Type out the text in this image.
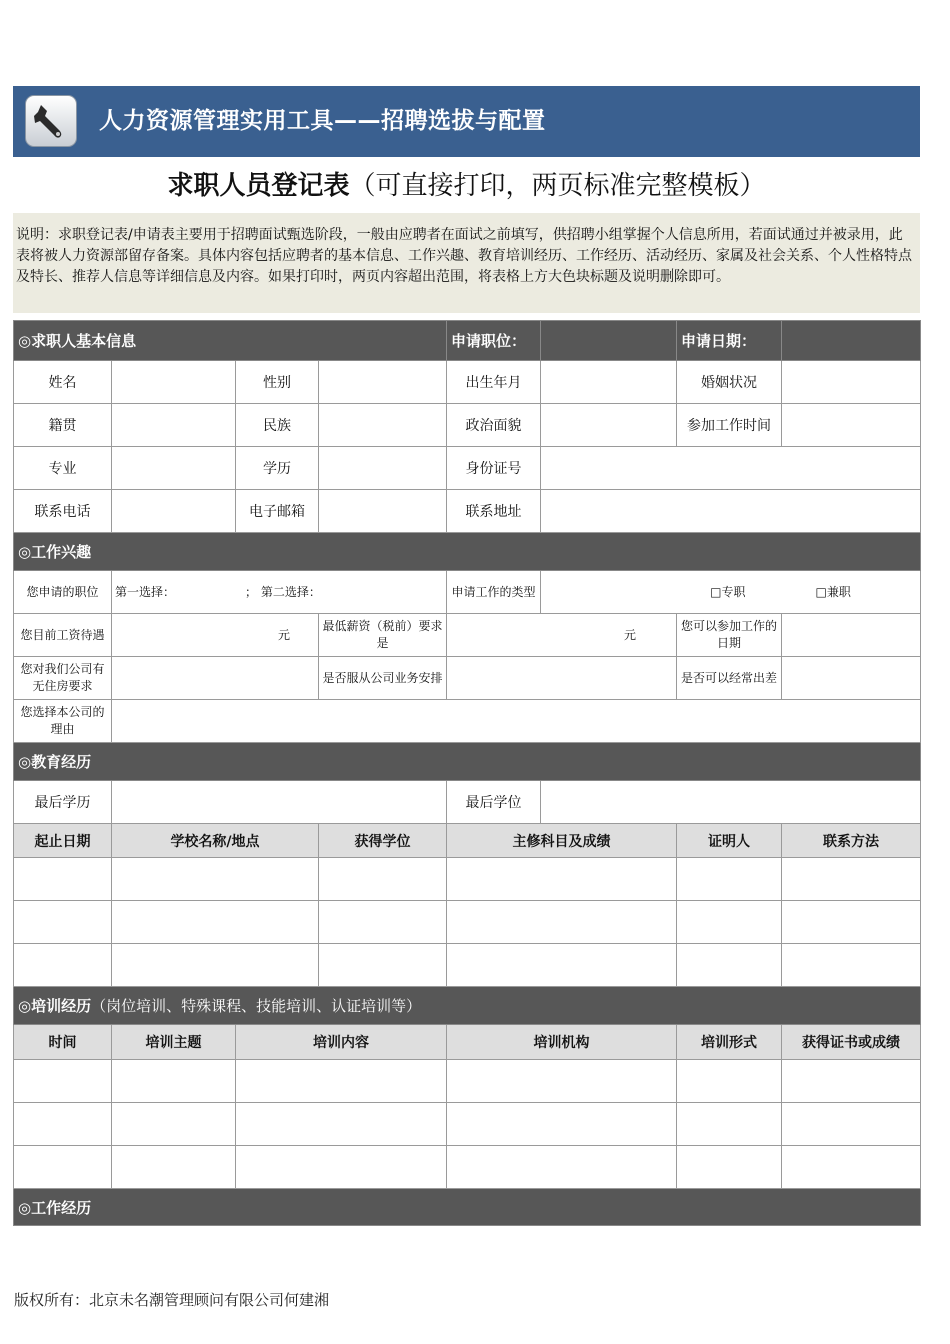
人力资源管理实用工具——招聘选拔与配置
求职人员登记表（可直接打印，两页标准完整模板）
说明：求职登记表/申请表主要用于招聘面试甄选阶段，一般由应聘者在面试之前填写，供招聘小组掌握个人信息所用，若面试通过并被录用，此表将被人力资源部留存备案。具体内容包括应聘者的基本信息、工作兴趣、教育培训经历、工作经历、活动经历、家属及社会关系、个人性格特点及特长、推荐人信息等详细信息及内容。如果打印时，两页内容超出范围，将表格上方大色块标题及说明删除即可。
◎求职人基本信息				申请职位：		申请日期：	
姓名		性别		出生年月		婚姻状况	
籍贯		民族		政治面貌		参加工作时间	
专业		学历		身份证号			
联系电话		电子邮箱		联系地址			
◎工作兴趣							
您申请的职位	第一选择： ； 第二选择：			申请工作的类型	□专职 □兼职		
您目前工资待遇	元		最低薪资（税前）要求是	元		您可以参加工作的日期	
您对我们公司有无住房要求			是否服从公司业务安排			是否可以经常出差	
您选择本公司的理由							
◎教育经历							
最后学历				最后学位			
起止日期	学校名称/地点		获得学位	主修科目及成绩		证明人	联系方法

◎培训经历（岗位培训、特殊课程、技能培训、认证培训等）							
时间	培训主题	培训内容		培训机构		培训形式	获得证书或成绩

◎工作经历							
版权所有：北京未名潮管理顾问有限公司何建湘
